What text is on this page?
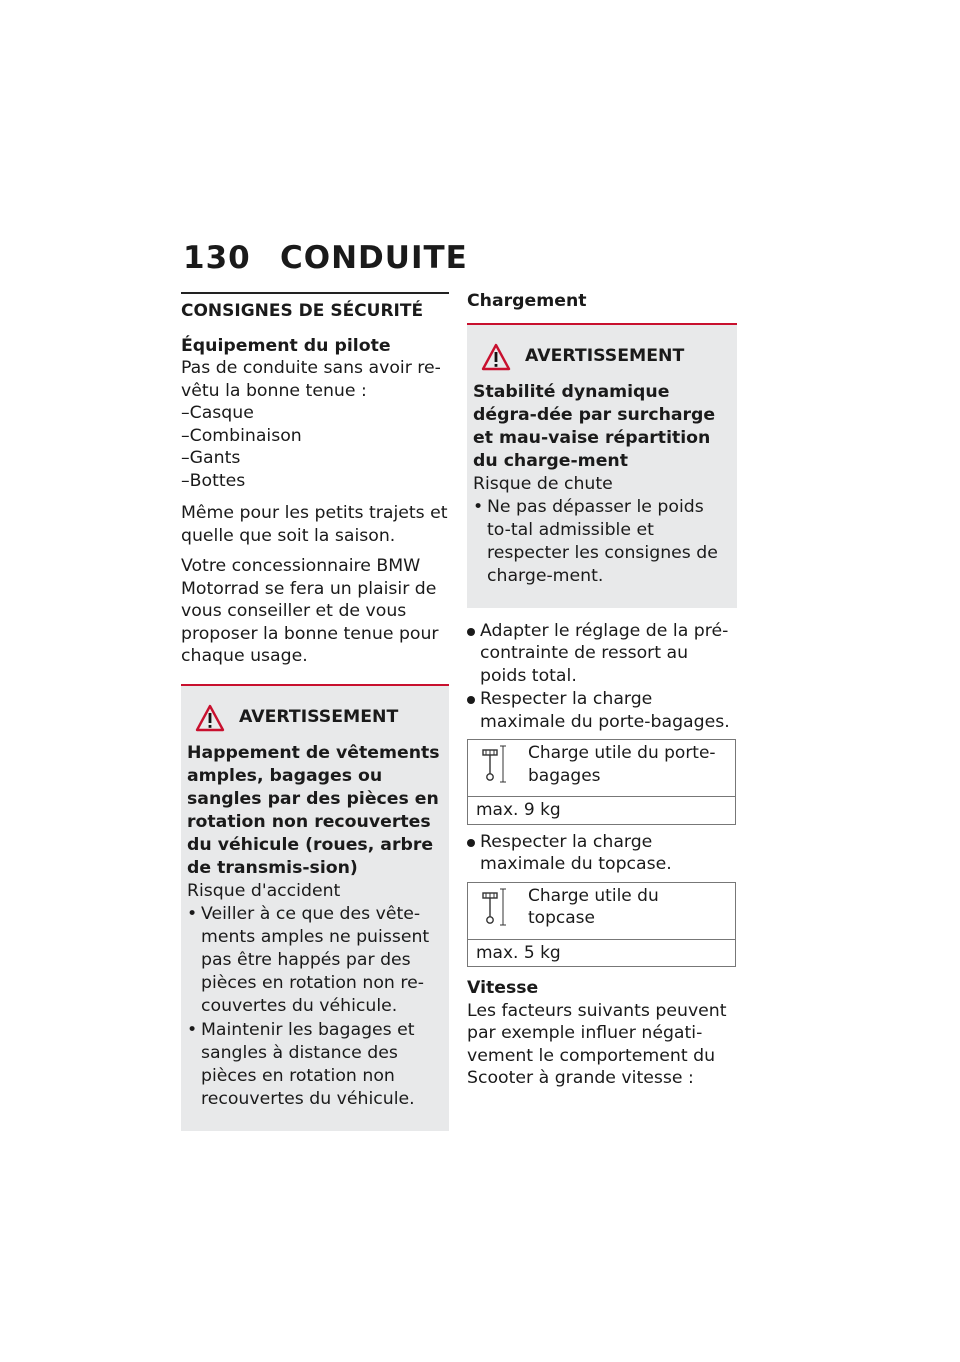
130 CONDUITE
CONSIGNES DE SÉCURITÉ
Équipement du pilote
Pas de conduite sans avoir re-vêtu la bonne tenue :
– Casque
– Combinaison
– Gants
– Bottes

Même pour les petits trajets et quelle que soit la saison.

Votre concessionnaire BMW Motorrad se fera un plaisir de vous conseiller et de vous proposer la bonne tenue pour chaque usage.

AVERTISSEMENT
Happement de vêtements amples, bagages ou sangles par des pièces en rotation non recouvertes du véhicule (roues, arbre de transmis-sion)
Risque d'accident
• Veiller à ce que des vête-ments amples ne puissent pas être happés par des pièces en rotation non re-couvertes du véhicule.
• Maintenir les bagages et sangles à distance des pièces en rotation non recouvertes du véhicule.
Chargement
AVERTISSEMENT
Stabilité dynamique dégra-dée par surcharge et mau-vaise répartition du charge-ment
Risque de chute
• Ne pas dépasser le poids to-tal admissible et respecter les consignes de charge-ment.
Adapter le réglage de la pré-contrainte de ressort au poids total.
Respecter la charge maximale du porte-bagages.
	Charge utile du porte-bagages
max. 9 kg
Respecter la charge maximale du topcase.
	Charge utile du topcase
max. 5 kg
Vitesse

Les facteurs suivants peuvent par exemple influer négati-vement le comportement du Scooter à grande vitesse :
